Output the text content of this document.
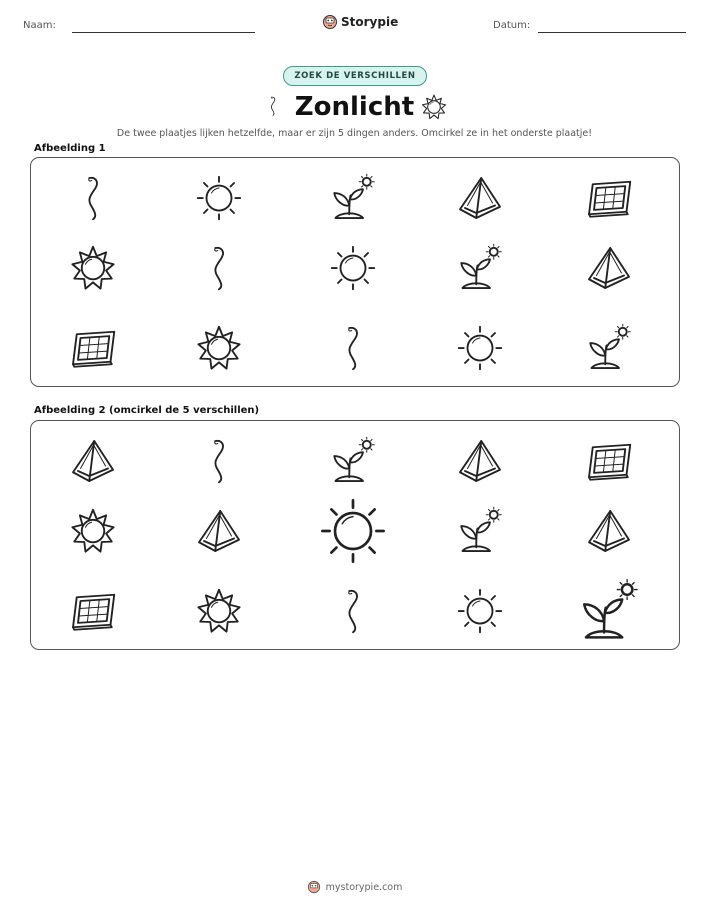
Naam:	Storypie	Datum:
ZOEK DE VERSCHILLEN
Zonlicht
De twee plaatjes lijken hetzelfde, maar er zijn 5 dingen anders. Omcirkel ze in het onderste plaatje!
Afbeelding 1
Afbeelding 2 (omcirkel de 5 verschillen)
mystorypie.com
